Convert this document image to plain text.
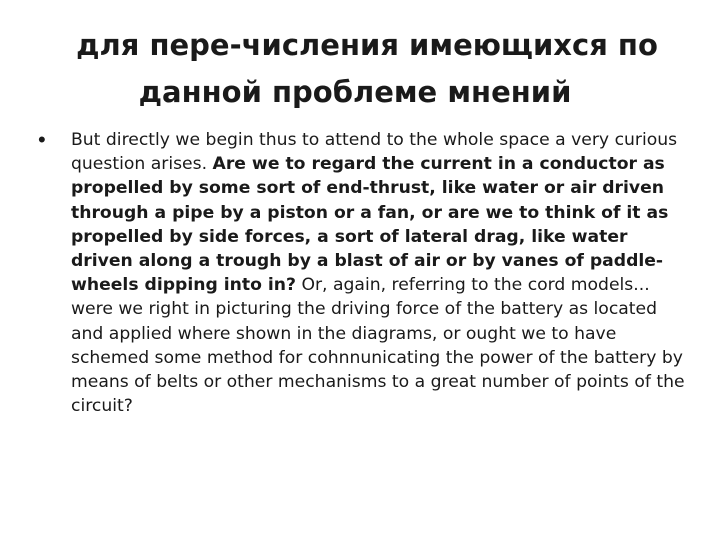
для пере-числения имеющихся по
данной проблеме мнений
• But directly we begin thus to attend to the whole space a very curious question arises. Are we to regard the current in a conductor as propelled by some sort of end-thrust, like water or air driven through a pipe by a piston or a fan, or are we to think of it as propelled by side forces, a sort of lateral drag, like water driven along a trough by a blast of air or by vanes of paddle-wheels dipping into in? Or, again, referring to the cord models... were we right in picturing the driving force of the battery as located and applied where shown in the diagrams, or ought we to have schemed some method for cohnnunicating the power of the battery by means of belts or other mechanisms to a great number of points of the circuit?
